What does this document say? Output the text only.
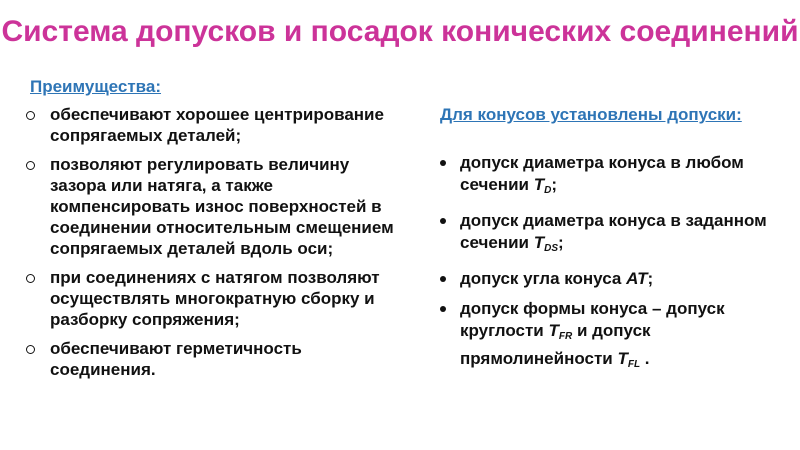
Система допусков и посадок конических соединений

Преимущества:

обеспечивают хорошее центрирование сопрягаемых деталей;
позволяют регулировать величину зазора или натяга, а также компенсировать износ поверхностей в соединении относительным смещением сопрягаемых деталей вдоль оси;
при соединениях с натягом позволяют осуществлять многократную сборку и разборку сопряжения;
обеспечивают герметичность соединения.

Для конусов установлены допуски:

допуск диаметра конуса в любом сечении $T_D$;
допуск диаметра конуса в заданном сечении $T_{DS}$;
допуск угла конуса AT;
допуск формы конуса – допуск круглости $T_{FR}$ и допуск прямолинейности $T_{FL}$ .
